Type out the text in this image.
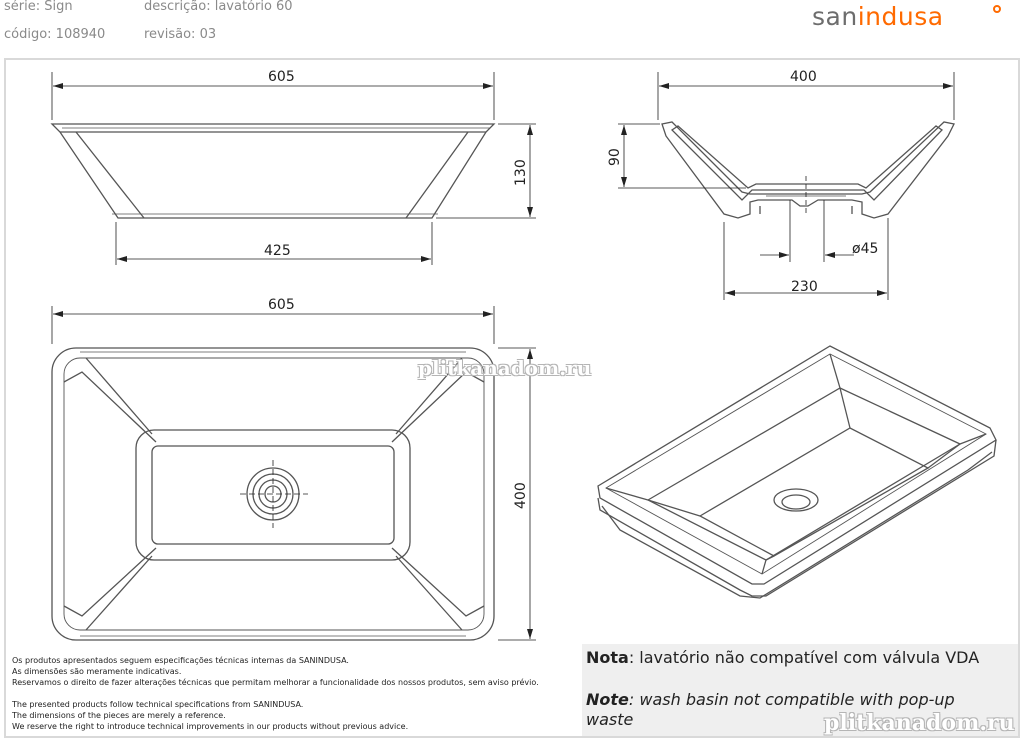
série: Sign	descrição: lavatório 60
código: 108940	revisão: 03
sanindusa
605
425
130
400
90
ø45
230
605
400
Os produtos apresentados seguem especificações técnicas internas da SANINDUSA.
As dimensões são meramente indicativas.
Reservamos o direito de fazer alterações técnicas que permitam melhorar a funcionalidade dos nossos produtos, sem aviso prévio.
The presented products follow technical specifications from SANINDUSA.
The dimensions of the pieces are merely a reference.
We reserve the right to introduce technical improvements in our products without previous advice.
Nota: lavatório não compatível com válvula VDA
Note: wash basin not compatible with pop-up
waste
plitkanadom.ru
plitkanadom.ru
